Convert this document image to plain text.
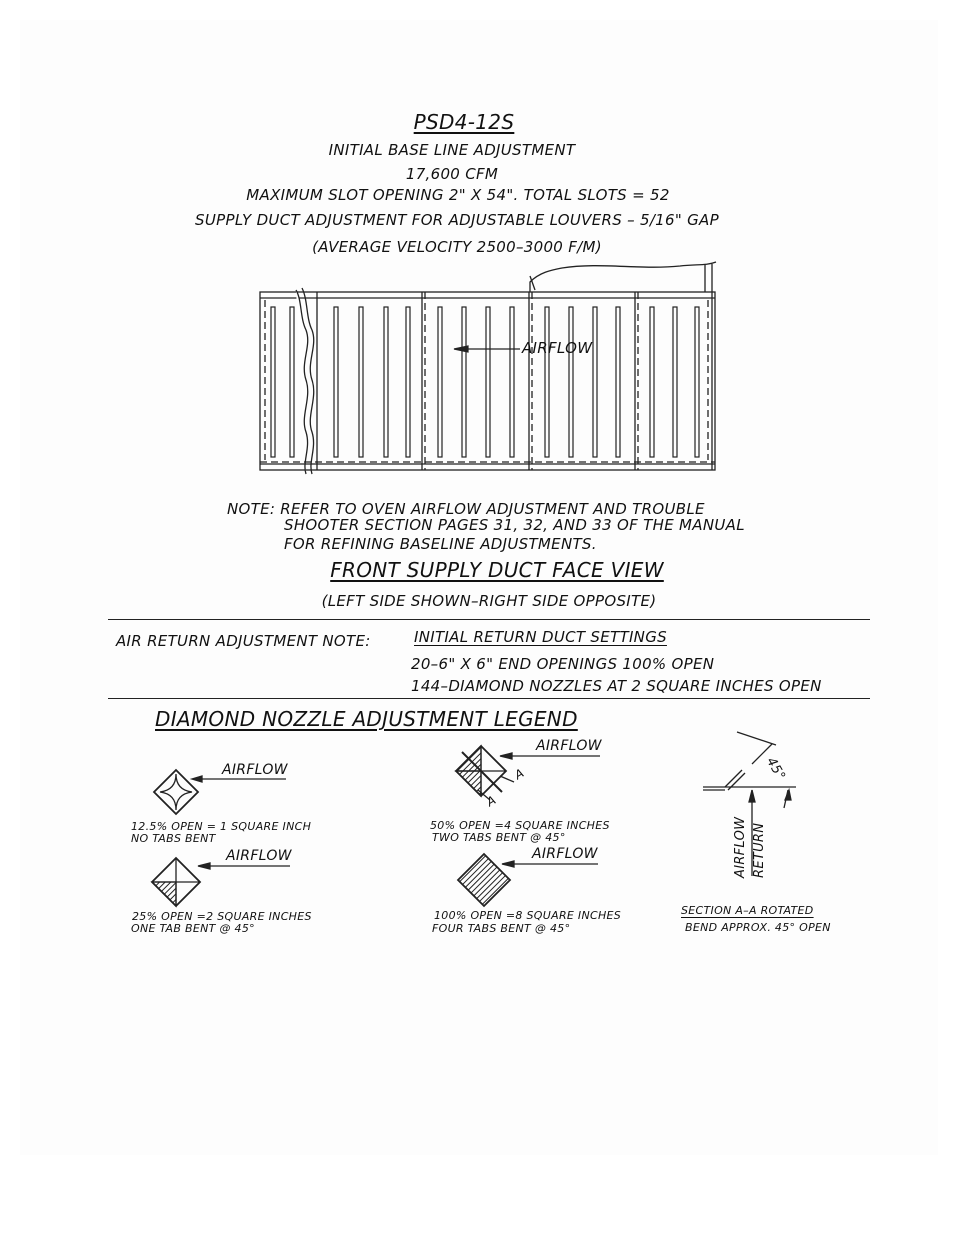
PSD4-12S
INITIAL BASE LINE ADJUSTMENT
17,600 CFM
MAXIMUM SLOT OPENING 2" X 54". TOTAL SLOTS = 52
SUPPLY DUCT ADJUSTMENT FOR ADJUSTABLE LOUVERS – 5/16" GAP
(AVERAGE VELOCITY 2500–3000 F/M)
AIRFLOW
NOTE: REFER TO OVEN AIRFLOW ADJUSTMENT AND TROUBLE
SHOOTER SECTION PAGES 31, 32, AND 33 OF THE MANUAL
FOR REFINING BASELINE ADJUSTMENTS.
FRONT SUPPLY DUCT FACE VIEW
(LEFT SIDE SHOWN–RIGHT SIDE OPPOSITE)
AIR RETURN ADJUSTMENT NOTE:	INITIAL RETURN DUCT SETTINGS
20–6" X 6" END OPENINGS 100% OPEN
144–DIAMOND NOZZLES AT 2 SQUARE INCHES OPEN
DIAMOND NOZZLE ADJUSTMENT LEGEND
AIRFLOW
12.5% OPEN = 1 SQUARE INCH
NO TABS BENT
AIRFLOW
25% OPEN =2 SQUARE INCHES
ONE TAB BENT @ 45°
AIRFLOW
A
A
50% OPEN =4 SQUARE INCHES
TWO TABS BENT @ 45°
AIRFLOW
100% OPEN =8 SQUARE INCHES
FOUR TABS BENT @ 45°
45°
AIRFLOW RETURN
SECTION A–A ROTATED
BEND APPROX. 45° OPEN
